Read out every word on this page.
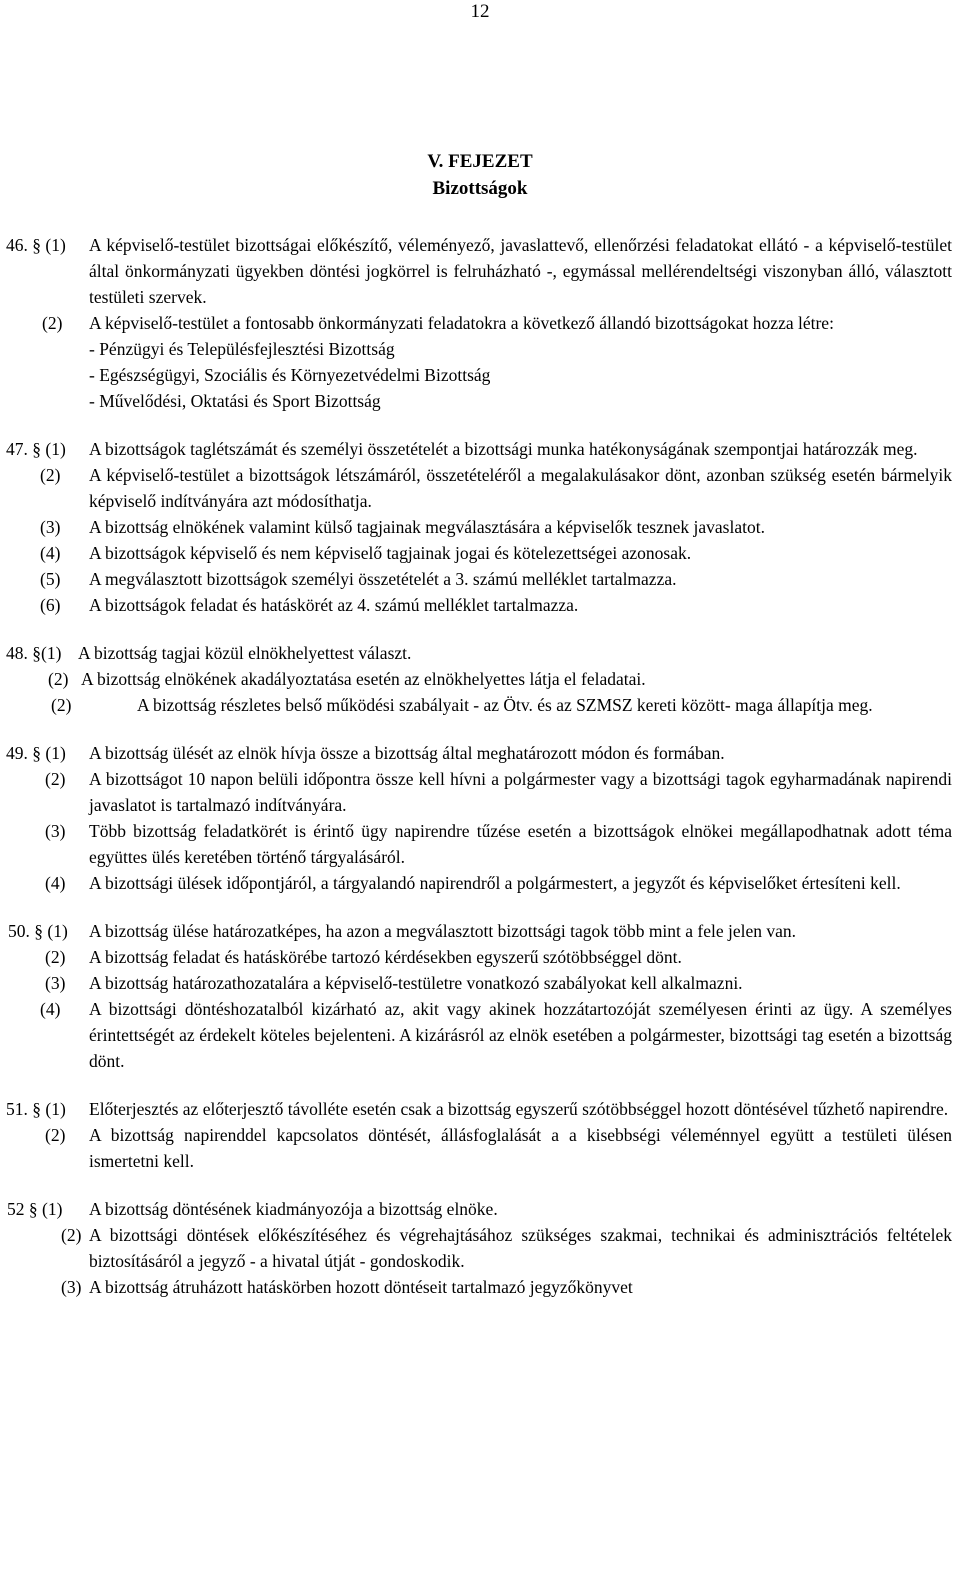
12
V. FEJEZET
Bizottságok
46. § (1) A képviselő-testület bizottságai előkészítő, véleményező, javaslattevő, ellenőrzési feladatokat ellátó - a képviselő-testület által önkormányzati ügyekben döntési jogkörrel is felruházható -, egymással mellérendeltségi viszonyban álló, választott testületi szervek.
(2) A képviselő-testület a fontosabb önkormányzati feladatokra a következő állandó bizottságokat hozza létre:
- Pénzügyi és Településfejlesztési Bizottság
- Egészségügyi, Szociális és Környezetvédelmi Bizottság
- Művelődési, Oktatási és Sport Bizottság
47. § (1) A bizottságok taglétszámát és személyi összetételét a bizottsági munka hatékonyságának szempontjai határozzák meg.
(2) A képviselő-testület a bizottságok létszámáról, összetételéről a megalakulásakor dönt, azonban szükség esetén bármelyik képviselő indítványára azt módosíthatja.
(3) A bizottság elnökének valamint külső tagjainak megválasztására a képviselők tesznek javaslatot.
(4) A bizottságok képviselő és nem képviselő tagjainak jogai és kötelezettségei azonosak.
(5) A megválasztott bizottságok személyi összetételét a 3. számú melléklet tartalmazza.
(6) A bizottságok feladat és hatáskörét az 4. számú melléklet tartalmazza.
48. §(1) A bizottság tagjai közül elnökhelyettest választ.
(2) A bizottság elnökének akadályoztatása esetén az elnökhelyettes látja el feladatai.
(2)	A bizottság részletes belső működési szabályait - az Ötv. és az SZMSZ kereti között- maga állapítja meg.
49. § (1) A bizottság ülését az elnök hívja össze a bizottság által meghatározott módon és formában.
(2) A bizottságot 10 napon belüli időpontra össze kell hívni a polgármester vagy a bizottsági tagok egyharmadának napirendi javaslatot is tartalmazó indítványára.
(3) Több bizottság feladatkörét is érintő ügy napirendre tűzése esetén a bizottságok elnökei megállapodhatnak adott téma együttes ülés keretében történő tárgyalásáról.
(4) A bizottsági ülések időpontjáról, a tárgyalandó napirendről a polgármestert, a jegyzőt és képviselőket értesíteni kell.
50. § (1) A bizottság ülése határozatképes, ha azon a megválasztott bizottsági tagok több mint a fele jelen van.
(2) A bizottság feladat és hatáskörébe tartozó kérdésekben egyszerű szótöbbséggel dönt.
(3) A bizottság határozathozatalára a képviselő-testületre vonatkozó szabályokat kell alkalmazni.
(4) A bizottsági döntéshozatalból kizárható az, akit vagy akinek hozzátartozóját személyesen érinti az ügy. A személyes érintettségét az érdekelt köteles bejelenteni. A kizárásról az elnök esetében a polgármester, bizottsági tag esetén a bizottság dönt.
51. § (1) Előterjesztés az előterjesztő távolléte esetén csak a bizottság egyszerű szótöbbséggel hozott döntésével tűzhető napirendre.
(2) A bizottság napirenddel kapcsolatos döntését, állásfoglalását a a kisebbségi véleménnyel együtt a testületi ülésen ismertetni kell.
52 § (1) A bizottság döntésének kiadmányozója a bizottság elnöke.
(2) A bizottsági döntések előkészítéséhez és végrehajtásához szükséges szakmai, technikai és adminisztrációs feltételek biztosításáról a jegyző - a hivatal útját - gondoskodik.
(3) A bizottság átruházott hatáskörben hozott döntéseit tartalmazó jegyzőkönyvet
